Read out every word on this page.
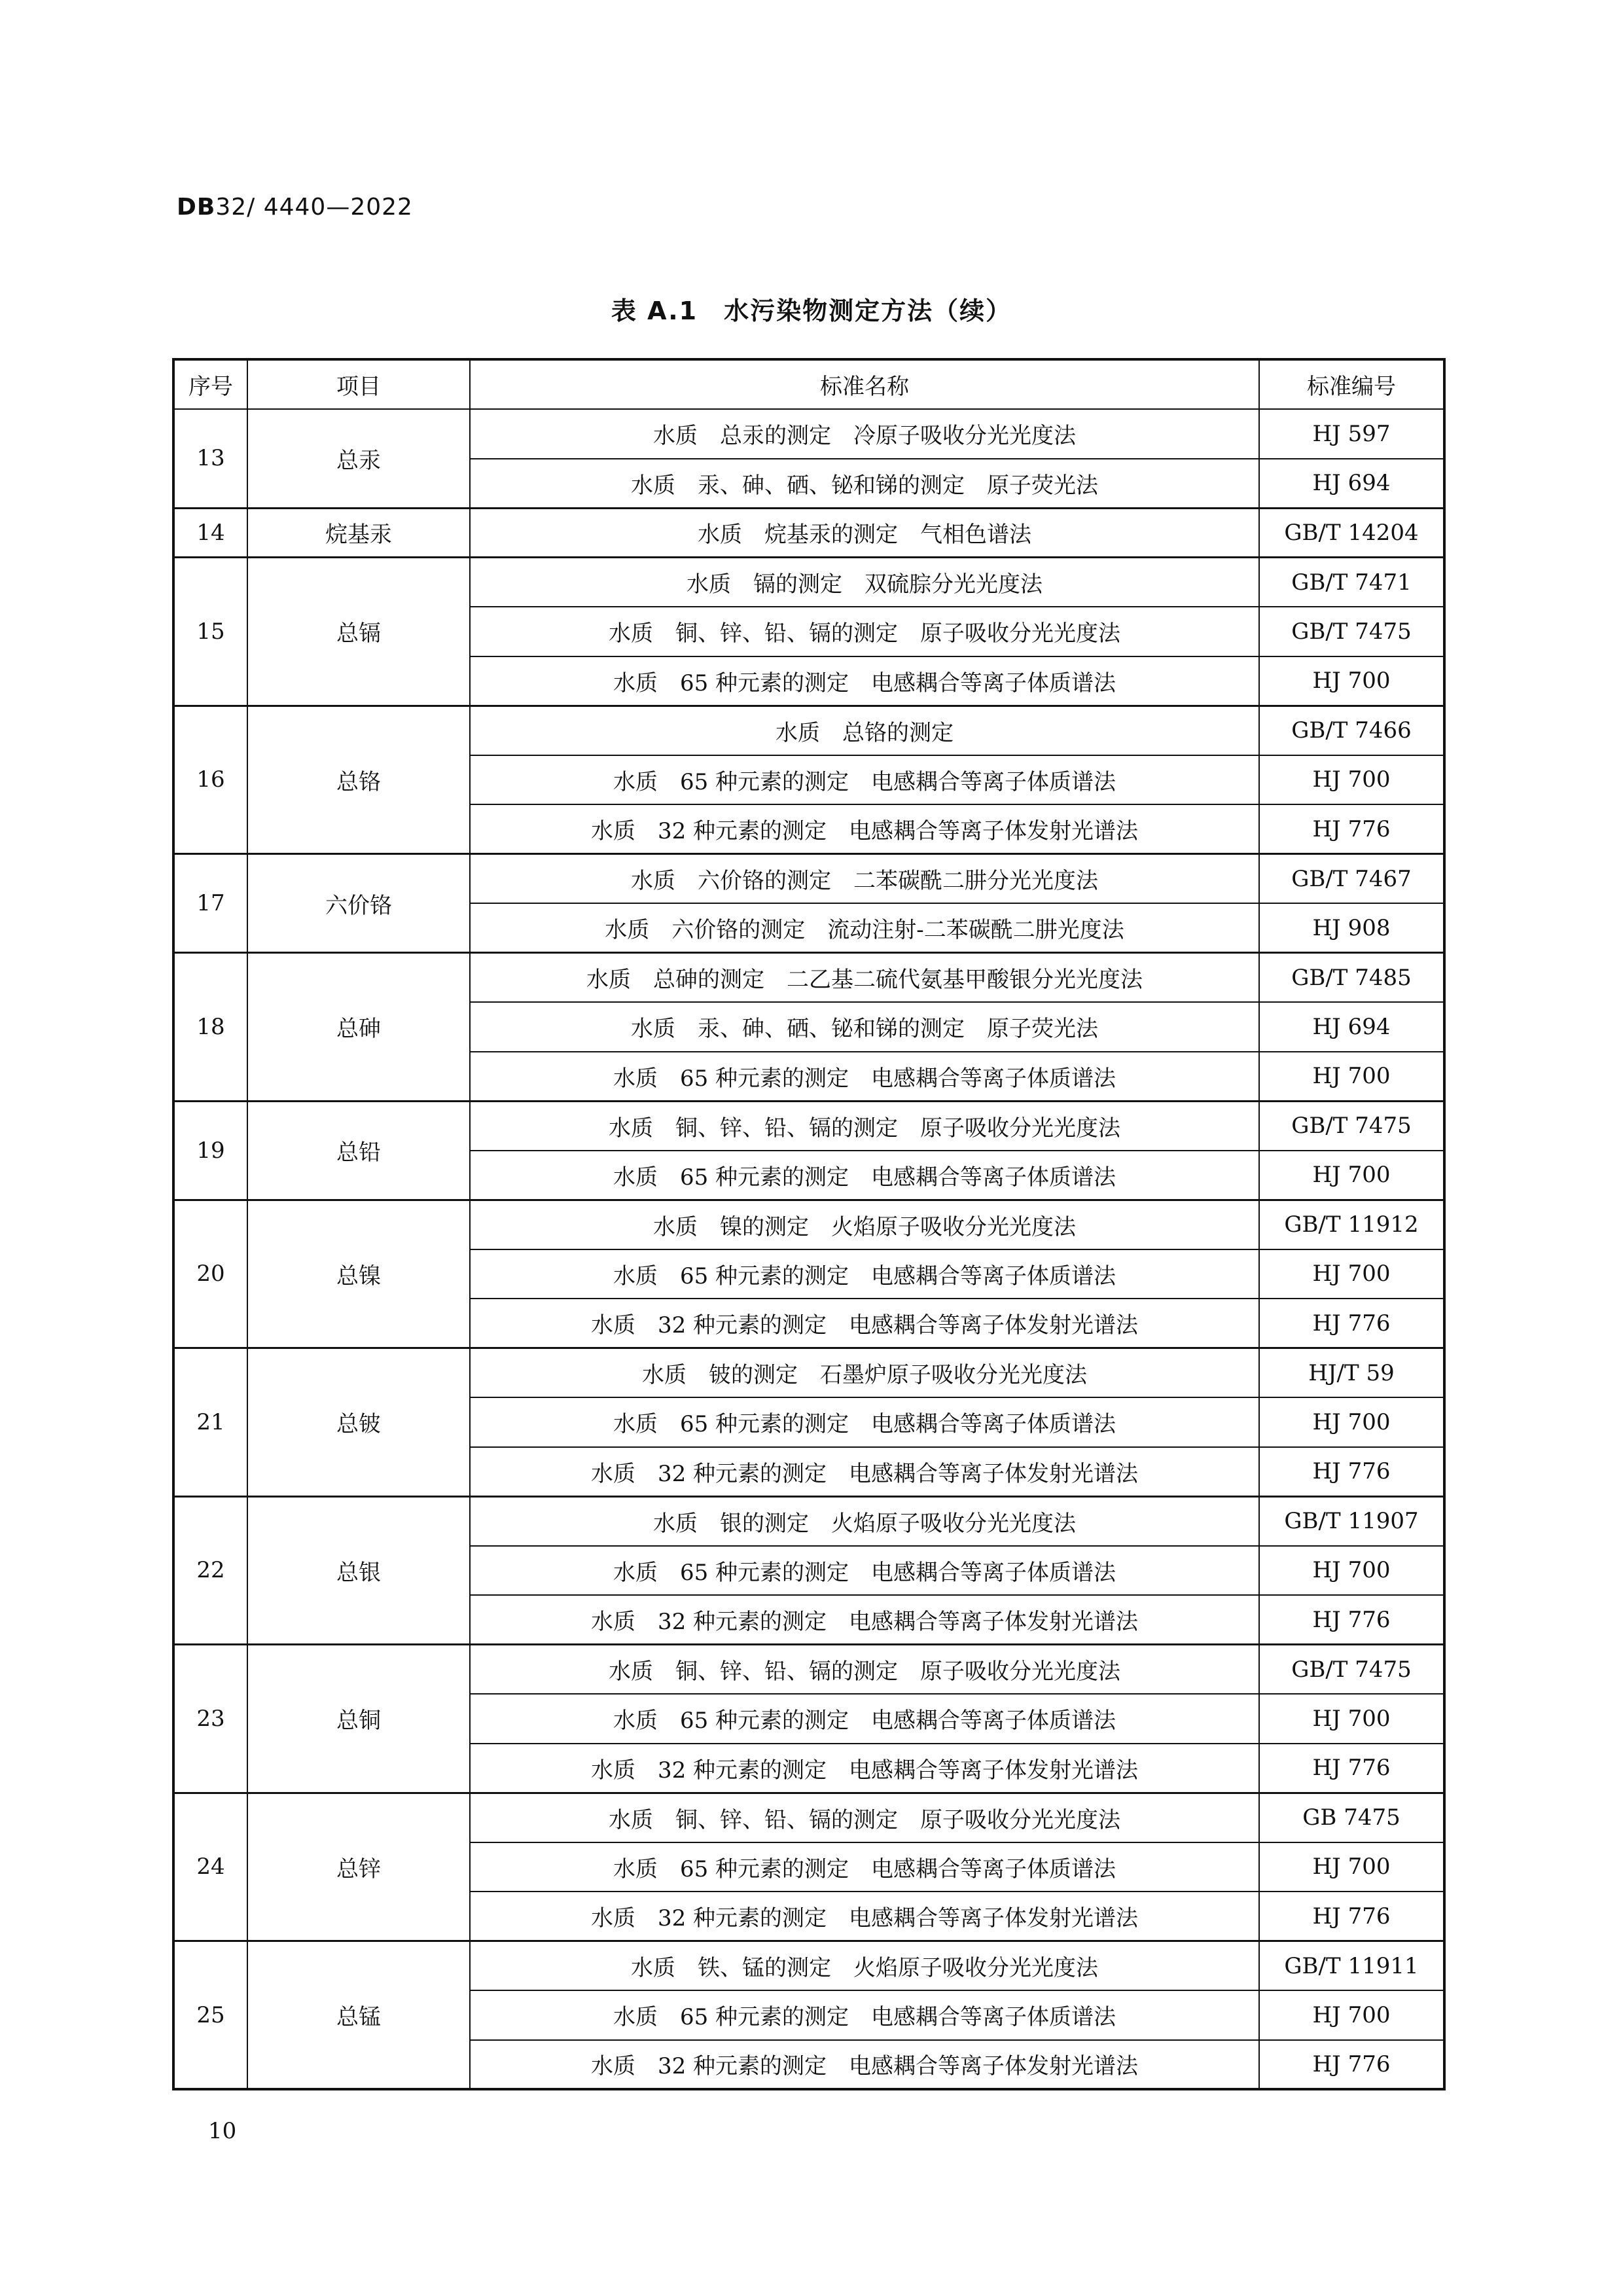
DB32/ 4440—2022
表 A.1　水污染物测定方法（续）
序号	项目	标准名称	标准编号
13	总汞	水质　总汞的测定　冷原子吸收分光光度法	HJ 597
		水质　汞、砷、硒、铋和锑的测定　原子荧光法	HJ 694
14	烷基汞	水质　烷基汞的测定　气相色谱法	GB/T 14204
15	总镉	水质　镉的测定　双硫腙分光光度法	GB/T 7471
		水质　铜、锌、铅、镉的测定　原子吸收分光光度法	GB/T 7475
		水质　65 种元素的测定　电感耦合等离子体质谱法	HJ 700
16	总铬	水质　总铬的测定	GB/T 7466
		水质　65 种元素的测定　电感耦合等离子体质谱法	HJ 700
		水质　32 种元素的测定　电感耦合等离子体发射光谱法	HJ 776
17	六价铬	水质　六价铬的测定　二苯碳酰二肼分光光度法	GB/T 7467
		水质　六价铬的测定　流动注射-二苯碳酰二肼光度法	HJ 908
18	总砷	水质　总砷的测定　二乙基二硫代氨基甲酸银分光光度法	GB/T 7485
		水质　汞、砷、硒、铋和锑的测定　原子荧光法	HJ 694
		水质　65 种元素的测定　电感耦合等离子体质谱法	HJ 700
19	总铅	水质　铜、锌、铅、镉的测定　原子吸收分光光度法	GB/T 7475
		水质　65 种元素的测定　电感耦合等离子体质谱法	HJ 700
20	总镍	水质　镍的测定　火焰原子吸收分光光度法	GB/T 11912
		水质　65 种元素的测定　电感耦合等离子体质谱法	HJ 700
		水质　32 种元素的测定　电感耦合等离子体发射光谱法	HJ 776
21	总铍	水质　铍的测定　石墨炉原子吸收分光光度法	HJ/T 59
		水质　65 种元素的测定　电感耦合等离子体质谱法	HJ 700
		水质　32 种元素的测定　电感耦合等离子体发射光谱法	HJ 776
22	总银	水质　银的测定　火焰原子吸收分光光度法	GB/T 11907
		水质　65 种元素的测定　电感耦合等离子体质谱法	HJ 700
		水质　32 种元素的测定　电感耦合等离子体发射光谱法	HJ 776
23	总铜	水质　铜、锌、铅、镉的测定　原子吸收分光光度法	GB/T 7475
		水质　65 种元素的测定　电感耦合等离子体质谱法	HJ 700
		水质　32 种元素的测定　电感耦合等离子体发射光谱法	HJ 776
24	总锌	水质　铜、锌、铅、镉的测定　原子吸收分光光度法	GB 7475
		水质　65 种元素的测定　电感耦合等离子体质谱法	HJ 700
		水质　32 种元素的测定　电感耦合等离子体发射光谱法	HJ 776
25	总锰	水质　铁、锰的测定　火焰原子吸收分光光度法	GB/T 11911
		水质　65 种元素的测定　电感耦合等离子体质谱法	HJ 700
		水质　32 种元素的测定　电感耦合等离子体发射光谱法	HJ 776
10
